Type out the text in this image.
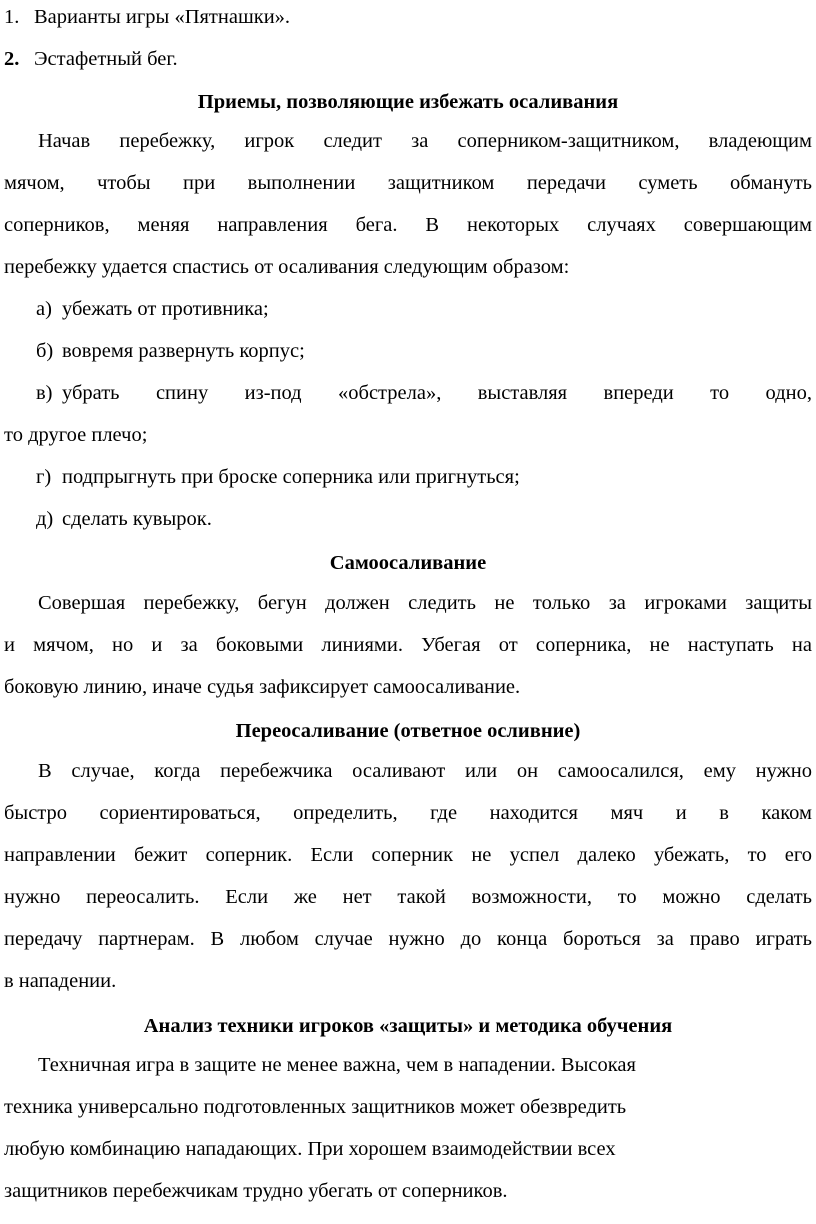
1. Варианты игры «Пятнашки».
2. Эстафетный бег.
Приемы, позволяющие избежать осаливания
Начав перебежку, игрок следит за соперником-защитником, владеющим
мячом, чтобы при выполнении защитником передачи суметь обмануть
соперников, меняя направления бега. В некоторых случаях совершающим
перебежку удается спастись от осаливания следующим образом:
а) убежать от противника;
б) вовремя развернуть корпус;
в) убрать спину из-под «обстрела», выставляя впереди то одно,
то другое плечо;
г) подпрыгнуть при броске соперника или пригнуться;
д) сделать кувырок.
Самоосаливание
Совершая перебежку, бегун должен следить не только за игроками защиты
и мячом, но и за боковыми линиями. Убегая от соперника, не наступать на
боковую линию, иначе судья зафиксирует самоосаливание.
Переосаливание (ответное осливние)
В случае, когда перебежчика осаливают или он самоосалился, ему нужно
быстро сориентироваться, определить, где находится мяч и в каком
направлении бежит соперник. Если соперник не успел далеко убежать, то его
нужно переосалить. Если же нет такой возможности, то можно сделать
передачу партнерам. В любом случае нужно до конца бороться за право играть
в нападении.
Анализ техники игроков «защиты» и методика обучения
Техничная игра в защите не менее важна, чем в нападении. Высокая
техника универсально подготовленных защитников может обезвредить
любую комбинацию нападающих. При хорошем взаимодействии всех
защитников перебежчикам трудно убегать от соперников.
